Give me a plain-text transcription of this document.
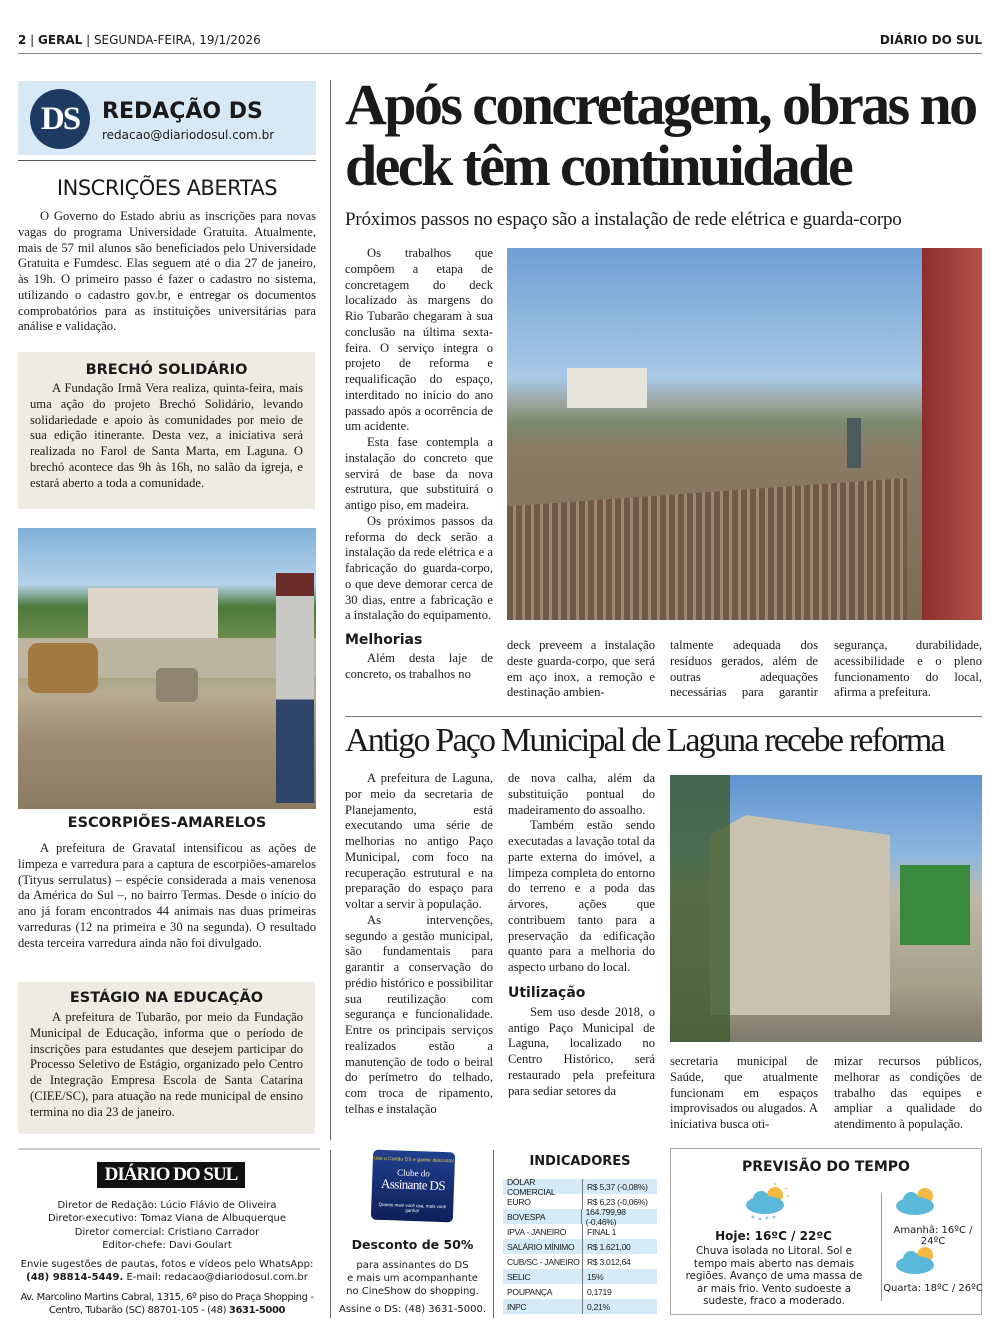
2 | GERAL | SEGUNDA-FEIRA, 19/1/2026	DIÁRIO DO SUL
DS	REDAÇÃO DS
redacao@diariodosul.com.br
INSCRIÇÕES ABERTAS

O Governo do Estado abriu as inscrições para novas vagas do programa Universidade Gratuita. Atualmente, mais de 57 mil alunos são beneficiados pelo Universidade Gratuita e Fumdesc. Elas seguem até o dia 27 de janeiro, às 19h. O primeiro passo é fazer o cadastro no sistema, utilizando o cadastro gov.br, e entregar os documentos comprobatórios para as instituições universitárias para análise e validação.

BRECHÓ SOLIDÁRIO

A Fundação Irmã Vera realiza, quinta-feira, mais uma ação do projeto Brechó Solidário, levando solidariedade e apoio às comunidades por meio de sua edição itinerante. Desta vez, a iniciativa será realizada no Farol de Santa Marta, em Laguna. O brechó acontece das 9h às 16h, no salão da igreja, e estará aberto a toda a comunidade.

ESCORPIÕES-AMARELOS

A prefeitura de Gravatal intensificou as ações de limpeza e varredura para a captura de escorpiões-amarelos (Tityus serrulatus) – espécie considerada a mais venenosa da América do Sul –, no bairro Termas. Desde o início do ano já foram encontrados 44 animais nas duas primeiras varreduras (12 na primeira e 30 na segunda). O resultado desta terceira varredura ainda não foi divulgado.

ESTÁGIO NA EDUCAÇÃO

A prefeitura de Tubarão, por meio da Fundação Municipal de Educação, informa que o período de inscrições para estudantes que desejem participar do Processo Seletivo de Estágio, organizado pelo Centro de Integração Empresa Escola de Santa Catarina (CIEE/SC), para atuação na rede municipal de ensino termina no dia 23 de janeiro.

Após concretagem, obras no deck têm continuidade
Próximos passos no espaço são a instalação de rede elétrica e guarda-corpo

Os trabalhos que compõem a etapa de concretagem do deck localizado às margens do Rio Tubarão chegaram à sua conclusão na última sexta-feira. O serviço integra o projeto de reforma e requalificação do espaço, interditado no início do ano passado após a ocorrência de um acidente.

Esta fase contempla a instalação do concreto que servirá de base da nova estrutura, que substituirá o antigo piso, em madeira.

Os próximos passos da reforma do deck serão a instalação da rede elétrica e a fabricação do guarda-corpo, o que deve demorar cerca de 30 dias, entre a fabricação e a instalação do equipamento.

Melhorias

Além desta laje de concreto, os trabalhos no

deck preveem a instalação deste guarda-corpo, que será em aço inox, a remoção e destinação ambien-

talmente adequada dos resíduos gerados, além de outras adequações necessárias para garantir

segurança, durabilidade, acessibilidade e o pleno funcionamento do local, afirma a prefeitura.

Antigo Paço Municipal de Laguna recebe reforma

A prefeitura de Laguna, por meio da secretaria de Planejamento, está executando uma série de melhorias no antigo Paço Municipal, com foco na recuperação estrutural e na preparação do espaço para voltar a servir à população.

As intervenções, segundo a gestão municipal, são fundamentais para garantir a conservação do prédio histórico e possibilitar sua reutilização com segurança e funcionalidade. Entre os principais serviços realizados estão a manutenção de todo o beiral do perímetro do telhado, com troca de ripamento, telhas e instalação

de nova calha, além da substituição pontual do madeiramento do assoalho.

Também estão sendo executadas a lavação total da parte externa do imóvel, a limpeza completa do entorno do terreno e a poda das árvores, ações que contribuem tanto para a preservação da edificação quanto para a melhoria do aspecto urbano do local.

Utilização

Sem uso desde 2018, o antigo Paço Municipal de Laguna, localizado no Centro Histórico, será restaurado pela prefeitura para sediar setores da

secretaria municipal de Saúde, que atualmente funcionam em espaços improvisados ou alugados. A iniciativa busca oti-

mizar recursos públicos, melhorar as condições de trabalho das equipes e ampliar a qualidade do atendimento à população.

DIÁRIO DO SUL
Diretor de Redação: Lúcio Flávio de Oliveira
Diretor-executivo: Tomaz Viana de Albuquerque
Diretor comercial: Cristiano Carrador
Editor-chefe: Davi Goulart
Envie sugestões de pautas, fotos e vídeos pelo WhatsApp:
(48) 98814-5449. E-mail: redacao@diariodosul.com.br
Av. Marcolino Martins Cabral, 1315, 6º piso do Praça Shopping -
Centro, Tubarão (SC) 88701-105 - (48) 3631-5000
Use o Cartão DS e ganhe desconto!
Clube do
Assinante DS
Quanto mais você usa, mais você ganha!
Desconto de 50%
para assinantes do DS
e mais um acompanhante
no CineShow do shopping.
Assine o DS: (48) 3631-5000.
INDICADORES
DÓLAR COMERCIAL	R$ 5,37 (-0,08%)
EURO	R$ 6,23 (-0,06%)
BOVESPA	164.799,98 (-0,46%)
IPVA - JANEIRO	FINAL 1
SALÁRIO MÍNIMO	R$ 1.621,00
CUB/SC - JANEIRO R$ 3.012,64
SELIC	15%
POUPANÇA	0,1719
INPC	0,21%
PREVISÃO DO TEMPO
Hoje: 16ºC / 22ºC
Chuva isolada no Litoral. Sol e tempo mais aberto nas demais regiões. Avanço de uma massa de ar mais frio. Vento sudoeste a sudeste, fraco a moderado.
Amanhã: 16ºC / 24ºC
Quarta: 18ºC / 26ºC
